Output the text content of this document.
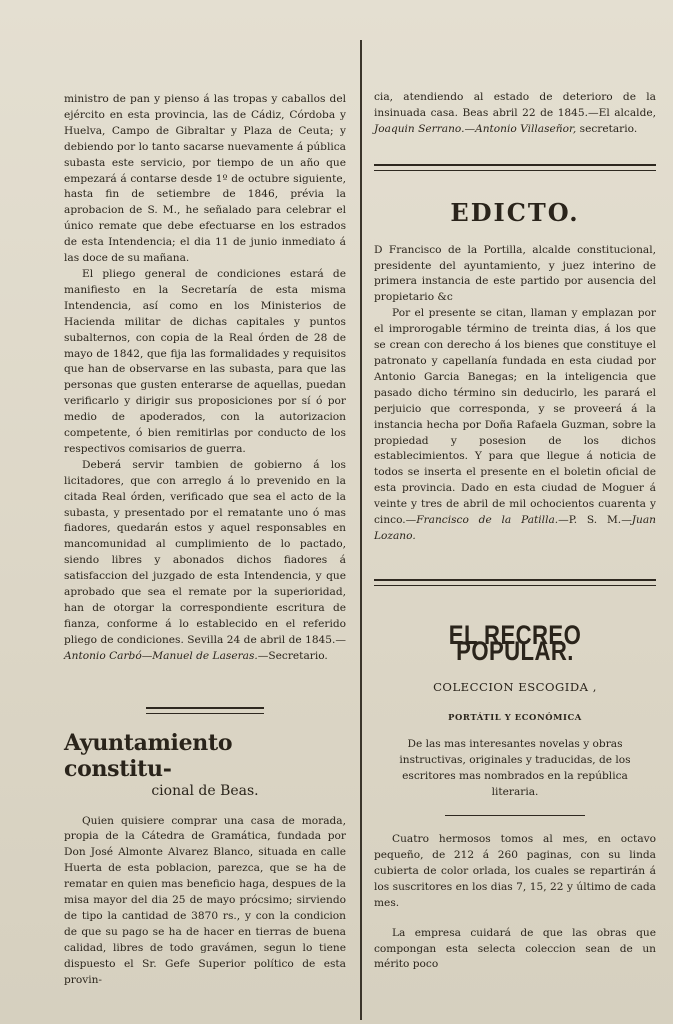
ministro de pan y pienso á las tropas y caballos del ejército en esta provincia, las de Cádiz, Córdoba y Huelva, Campo de Gibraltar y Plaza de Ceuta; y debiendo por lo tanto sacarse nuevamente á pública subasta este servicio, por tiempo de un año que empezará á contarse desde 1º de octubre siguiente, hasta fin de setiembre de 1846, prévia la aprobacion de S. M., he señalado para celebrar el único remate que debe efectuarse en los estrados de esta Intendencia; el dia 11 de junio inmediato á las doce de su mañana.

El pliego general de condiciones estará de manifiesto en la Secretaría de esta misma Intendencia, así como en los Ministerios de Hacienda militar de dichas capitales y puntos subalternos, con copia de la Real órden de 28 de mayo de 1842, que fija las formalidades y requisitos que han de observarse en las subasta, para que las personas que gusten enterarse de aquellas, puedan verificarlo y dirigir sus proposiciones por sí ó por medio de apoderados, con la autorizacion competente, ó bien remitirlas por conducto de los respectivos comisarios de guerra.

Deberá servir tambien de gobierno á los licitadores, que con arreglo á lo prevenido en la citada Real órden, verificado que sea el acto de la subasta, y presentado por el rematante uno ó mas fiadores, quedarán estos y aquel responsables en mancomunidad al cumplimiento de lo pactado, siendo libres y abonados dichos fiadores á satisfaccion del juzgado de esta Intendencia, y que aprobado que sea el remate por la superioridad, han de otorgar la correspondiente escritura de fianza, conforme á lo establecido en el referido pliego de condiciones. Sevilla 24 de abril de 1845.—Antonio Carbó—Manuel de Laseras.—Secretario.

Ayuntamiento constitu-
cional de Beas.

Quien quisiere comprar una casa de morada, propia de la Cátedra de Gramática, fundada por Don José Almonte Alvarez Blanco, situada en calle Huerta de esta poblacion, parezca, que se ha de rematar en quien mas beneficio haga, despues de la misa mayor del dia 25 de mayo prócsimo; sirviendo de tipo la cantidad de 3870 rs., y con la condicion de que su pago se ha de hacer en tierras de buena calidad, libres de todo gravámen, segun lo tiene dispuesto el Sr. Gefe Superior político de esta provin-

cia, atendiendo al estado de deterioro de la insinuada casa. Beas abril 22 de 1845.—El alcalde, Joaquin Serrano.—Antonio Villaseñor, secretario.

EDICTO.

D Francisco de la Portilla, alcalde constitucional, presidente del ayuntamiento, y juez interino de primera instancia de este partido por ausencia del propietario &c

Por el presente se citan, llaman y emplazan por el improrogable término de treinta dias, á los que se crean con derecho á los bienes que constituye el patronato y capellanía fundada en esta ciudad por Antonio Garcia Banegas; en la inteligencia que pasado dicho término sin deducirlo, les parará el perjuicio que corresponda, y se proveerá á la instancia hecha por Doña Rafaela Guzman, sobre la propiedad y posesion de los dichos establecimientos. Y para que llegue á noticia de todos se inserta el presente en el boletin oficial de esta provincia. Dado en esta ciudad de Moguer á veinte y tres de abril de mil ochocientos cuarenta y cinco.—Francisco de la Patilla.—P. S. M.—Juan Lozano.

EL RECREO POPULAR.
COLECCION ESCOGIDA ,
PORTÁTIL Y ECONÓMICA

De las mas interesantes novelas y obras instructivas, originales y traducidas, de los escritores mas nombrados en la república literaria.

Cuatro hermosos tomos al mes, en octavo pequeño, de 212 á 260 paginas, con su linda cubierta de color orlada, los cuales se repartirán á los suscritores en los dias 7, 15, 22 y último de cada mes.

La empresa cuidará de que las obras que compongan esta selecta coleccion sean de un mérito poco
